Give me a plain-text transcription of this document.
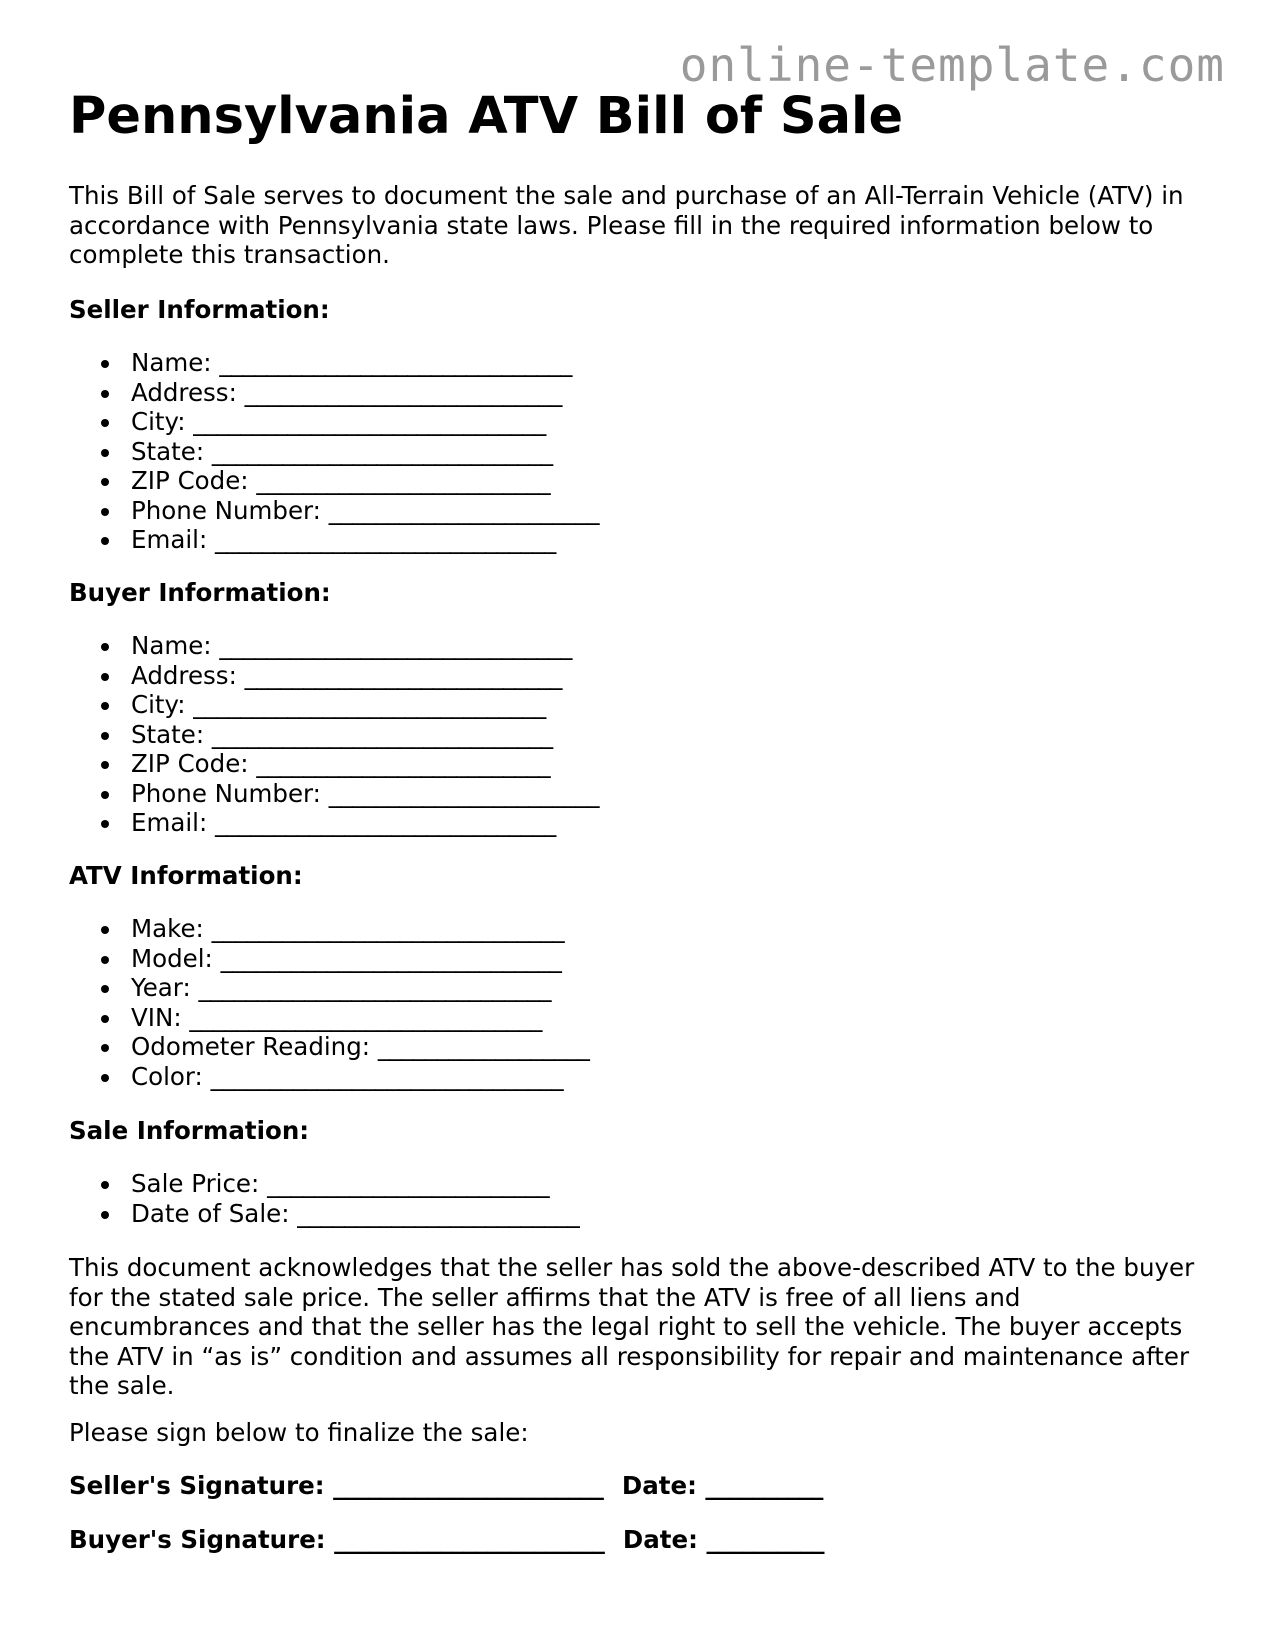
online-template.com
Pennsylvania ATV Bill of Sale

This Bill of Sale serves to document the sale and purchase of an All-Terrain Vehicle (ATV) in accordance with Pennsylvania state laws. Please fill in the required information below to complete this transaction.

Seller Information:

Name: ______________________________
Address: ___________________________
City: ______________________________
State: _____________________________
ZIP Code: _________________________
Phone Number: _______________________
Email: _____________________________

Buyer Information:

Name: ______________________________
Address: ___________________________
City: ______________________________
State: _____________________________
ZIP Code: _________________________
Phone Number: _______________________
Email: _____________________________

ATV Information:

Make: ______________________________
Model: _____________________________
Year: ______________________________
VIN: ______________________________
Odometer Reading: __________________
Color: ______________________________

Sale Information:

Sale Price: ________________________
Date of Sale: ________________________

This document acknowledges that the seller has sold the above-described ATV to the buyer for the stated sale price. The seller affirms that the ATV is free of all liens and encumbrances and that the seller has the legal right to sell the vehicle. The buyer accepts the ATV in “as is” condition and assumes all responsibility for repair and maintenance after the sale.

Please sign below to finalize the sale:

Seller's Signature: _______________________ Date: __________

Buyer's Signature: _______________________ Date: __________
